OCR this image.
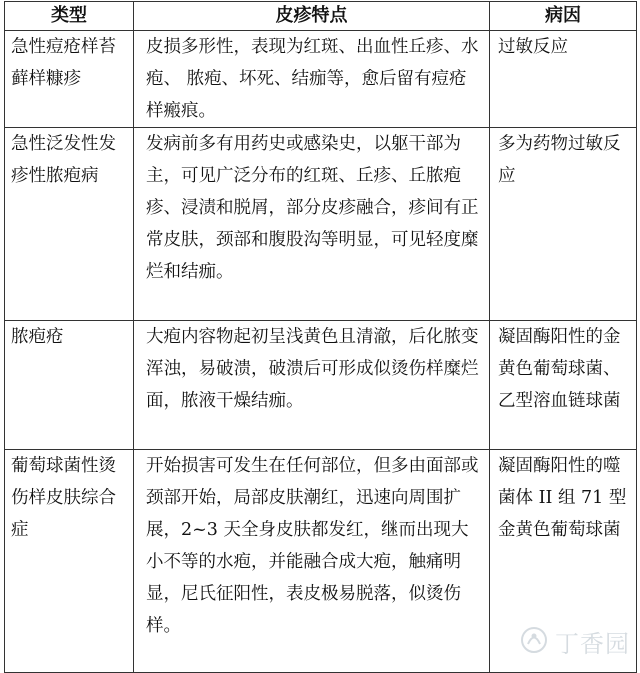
类型	皮疹特点	病因
急性痘疮样苔藓样糠疹	皮损多形性，表现为红斑、出血性丘疹、水疱、 脓疱、坏死、结痂等，愈后留有痘疮样瘢痕。	过敏反应
急性泛发性发疹性脓疱病	发病前多有用药史或感染史，以躯干部为主，可见广泛分布的红斑、丘疹、丘脓疱疹、浸渍和脱屑，部分皮疹融合，疹间有正常皮肤，颈部和腹股沟等明显，可见轻度糜烂和结痂。	多为药物过敏反应
脓疱疮	大疱内容物起初呈浅黄色且清澈，后化脓变浑浊，易破溃，破溃后可形成似烫伤样糜烂面，脓液干燥结痂。	凝固酶阳性的金黄色葡萄球菌、乙型溶血链球菌
葡萄球菌性烫伤样皮肤综合症	开始损害可发生在任何部位，但多由面部或颈部开始，局部皮肤潮红，迅速向周围扩展，2~3 天全身皮肤都发红，继而出现大小不等的水疱，并能融合成大疱，触痛明显，尼氏征阳性，表皮极易脱落，似烫伤样。	凝固酶阳性的噬菌体 II 组 71 型金黄色葡萄球菌
丁香园
